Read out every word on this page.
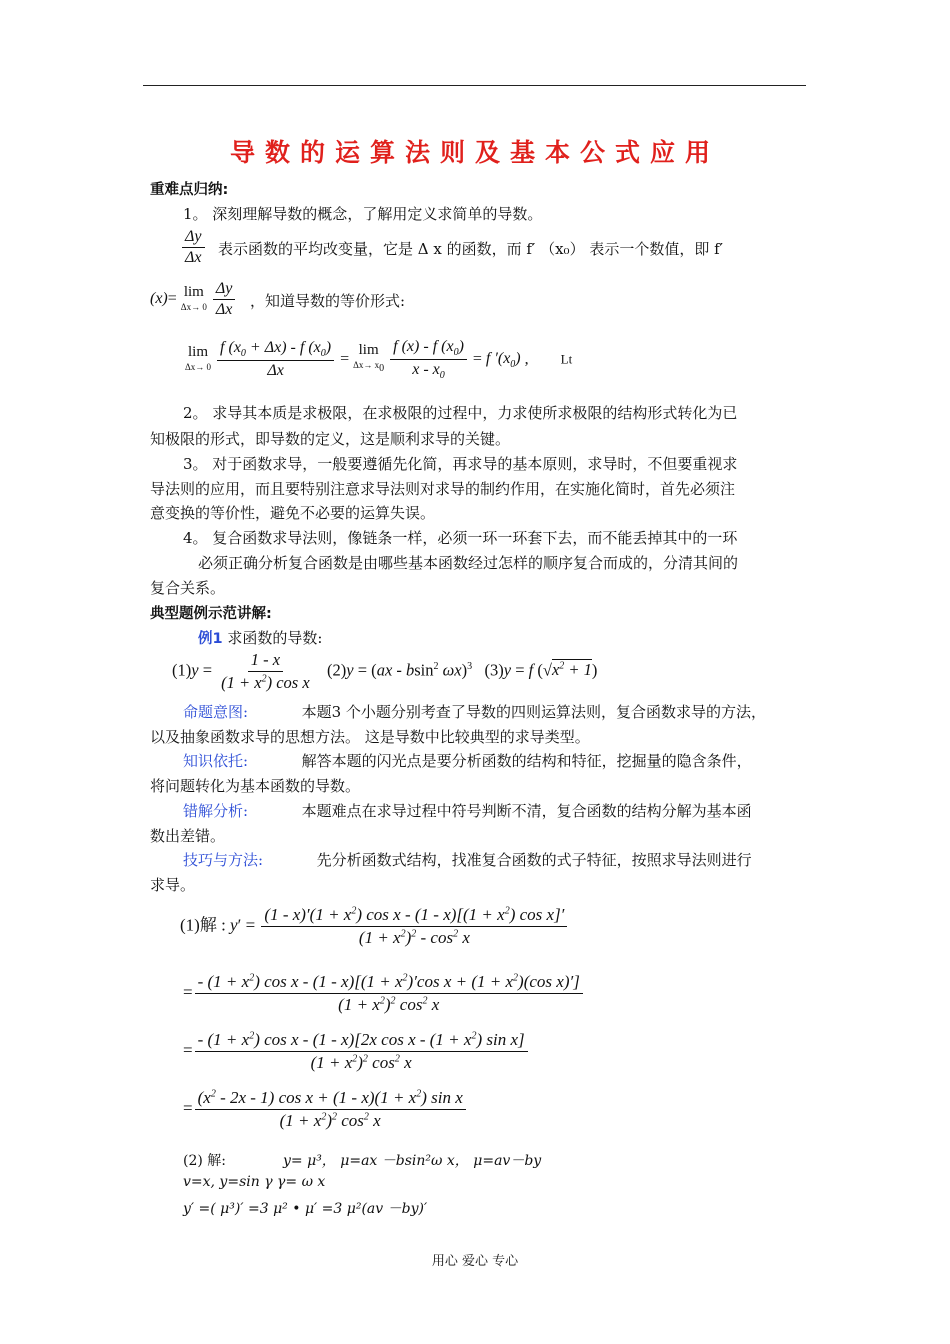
导数的运算法则及基本公式应用
重难点归纳:
1。 深刻理解导数的概念，了解用定义求简单的导数。
$\frac{\Delta y}{\Delta x}$ 表示函数的平均改变量，它是 Δ x 的函数，而 f′ （x₀） 表示一个数值，即 f′
(x)= lim
Δx→ 0
$\frac{\Delta y}{\Delta x}$ ，知道导数的等价形式:
lim
Δx→ 0
$\frac{f (x_0 + \Delta x) - f (x_0)}{\Delta x} = \lim$
$\Delta x\to x_0$
$\frac{f (x) - f (x_0)}{x - x_0} = f$ $'(x_0)$ ,        Lt
2。 求导其本质是求极限，在求极限的过程中，力求使所求极限的结构形式转化为已
知极限的形式，即导数的定义，这是顺利求导的关键。
3。 对于函数求导，一般要遵循先化简，再求导的基本原则，求导时，不但要重视求
导法则的应用，而且要特别注意求导法则对求导的制约作用，在实施化简时，首先必须注
意变换的等价性，避免不必要的运算失误。
4。 复合函数求导法则，像链条一样，必须一环一环套下去，而不能丢掉其中的一环
必须正确分析复合函数是由哪些基本函数经过怎样的顺序复合而成的，分清其间的
复合关系。
典型题例示范讲解:
例1 求函数的导数:
$(1)y = \frac{1 - x}{(1 + x^2) \cos x} (2)y = (ax - bsin^2$ ωx)$^3$   (3)y = f $(√x^2 + 1)$
命题意图:	本题3 个小题分别考查了导数的四则运算法则，复合函数求导的方法，
以及抽象函数求导的思想方法。 这是导数中比较典型的求导类型。
知识依托:	解答本题的闪光点是要分析函数的结构和特征，挖掘量的隐含条件，
将问题转化为基本函数的导数。
错解分析:	本题难点在求导过程中符号判断不清，复合函数的结构分解为基本函
数出差错。
技巧与方法:	先分析函数式结构，找准复合函数的式子特征，按照求导法则进行
求导。
(1)解 : $y' = \frac{(1 - x)'(1 + x^2) \cos x - (1 - x)[(1 + x^2) \cos x]'}{(1 + x^2)^2 - \cos^2 x}$
=
- $(1 + x^2)$ $\cos x - (1 - x)[(1 + x^2)'\cos$ $x + (1 + x^2)(\cos$ x)′]
$(1 + x^2)^2$ $\cos^2 x$
= $\frac{- (1 + x^2) \cos x - (1 - x)[2x \cos x - (1 + x^2) \sin x]}{(1 + x^2)^2 \cos^2 x}$
= $\frac{(x^2 - 2x - 1) \cos x + (1 - x)(1 + x^2) \sin x}{(1 + x^2)^2 \cos^2 x}$
(2) 解:	y= μ³， μ=ax －bsin²ω x， μ=av－by
v=x, y=sin γ γ= ω x
y′ =( μ³)′ =3 μ² • μ′ =3 μ²(av －by)′
用心 爱心 专心
